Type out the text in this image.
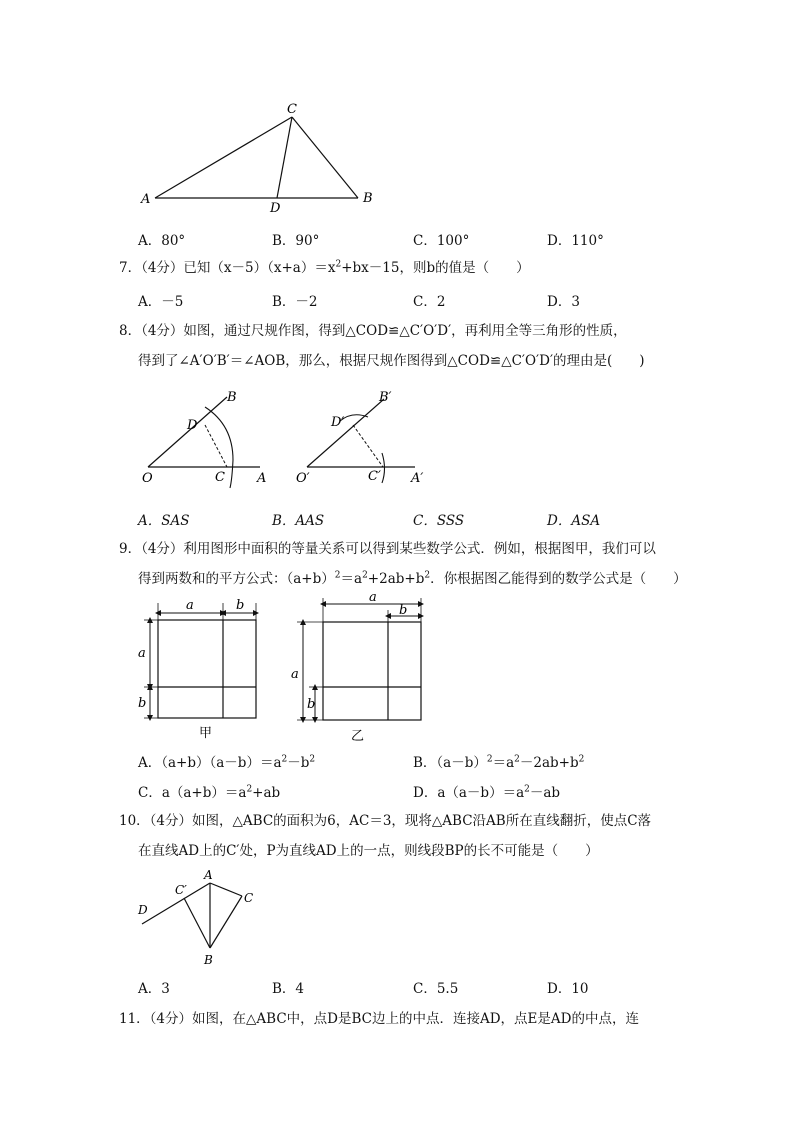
C
A	B
D
A．80°	B．90°	C．100°	D．110°
7．（4分）已知$(x-5)(x+a)=x^2+bx-15$，则b的值是（　　）
A．－5	B．－2	C．2	D．3
8．（4分）如图，通过尺规作图，得到△COD≌△C′O′D′，再利用全等三角形的性质，
得到了∠A′O′B′＝∠AOB，那么，根据尺规作图得到△COD≌△C′O′D′的理由是(　　)
B
D
O	C A
B′
D′
O′	C′ A′
A．SAS	B．AAS	C．SSS	D．ASA
9．（4分）利用图形中面积的等量关系可以得到某些数学公式．例如，根据图甲，我们可以
得到两数和的平方公式：$(a+b)^2=a^2+2ab+b^2$．你根据图乙能得到的数学公式是（　　）
a	b
a
b
甲
a
b
a
b
乙
A．$(a+b)(a-b)=a^2-b^2$	B．$(a-b)^2=a^2-2ab+b^2$
C．$a(a+b)=a^2+ab$	D．$a(a-b)=a^2-ab$
10．（4分）如图，△ABC的面积为6，AC＝3，现将△ABC沿AB所在直线翻折，使点C落
在直线AD上的C′处，P为直线AD上的一点，则线段BP的长不可能是（　　）
C′
A
C
D
B
A．3	B．4	C．5.5	D．10
11．（4分）如图，在△ABC中，点D是BC边上的中点．连接AD，点E是AD的中点，连
